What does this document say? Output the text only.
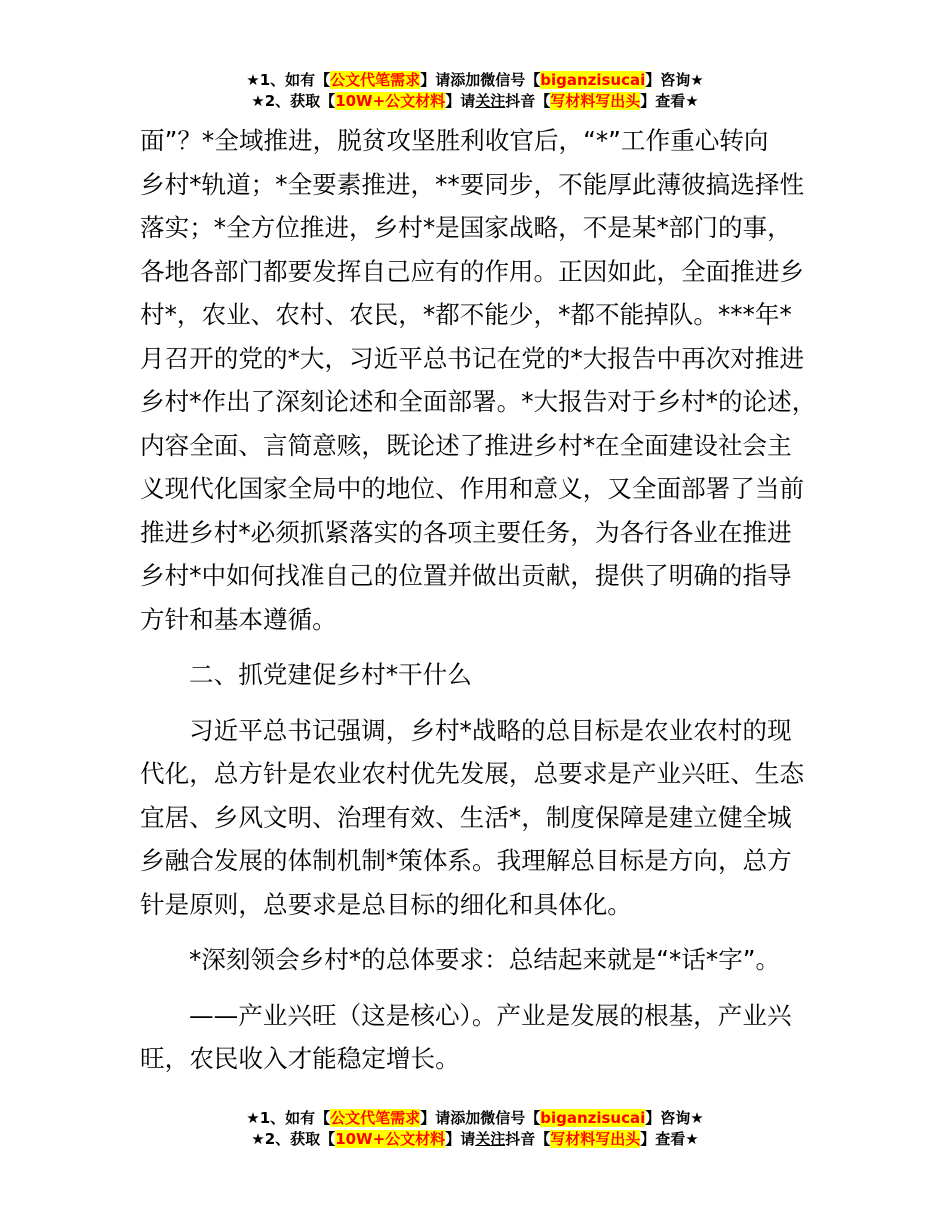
★1、如有【公文代笔需求】请添加微信号【biganzisucai】咨询★
★2、获取【10W+公文材料】请关注抖音【写材料写出头】查看★

面”？*全域推进，脱贫攻坚胜利收官后，“*”工作重心转向
乡村*轨道；*全要素推进，**要同步，不能厚此薄彼搞选择性
落实；*全方位推进，乡村*是国家战略，不是某*部门的事，
各地各部门都要发挥自己应有的作用。正因如此，全面推进乡
村*，农业、农村、农民，*都不能少，*都不能掉队。***年*
月召开的党的*大，习近平总书记在党的*大报告中再次对推进
乡村*作出了深刻论述和全面部署。*大报告对于乡村*的论述，
内容全面、言简意赅，既论述了推进乡村*在全面建设社会主
义现代化国家全局中的地位、作用和意义，又全面部署了当前
推进乡村*必须抓紧落实的各项主要任务，为各行各业在推进
乡村*中如何找准自己的位置并做出贡献，提供了明确的指导
方针和基本遵循。

二、抓党建促乡村*干什么

习近平总书记强调，乡村*战略的总目标是农业农村的现
代化，总方针是农业农村优先发展，总要求是产业兴旺、生态
宜居、乡风文明、治理有效、生活*，制度保障是建立健全城
乡融合发展的体制机制*策体系。我理解总目标是方向，总方
针是原则，总要求是总目标的细化和具体化。

*深刻领会乡村*的总体要求：总结起来就是“*话*字”。

——产业兴旺（这是核心）。产业是发展的根基，产业兴
旺，农民收入才能稳定增长。

★1、如有【公文代笔需求】请添加微信号【biganzisucai】咨询★
★2、获取【10W+公文材料】请关注抖音【写材料写出头】查看★
